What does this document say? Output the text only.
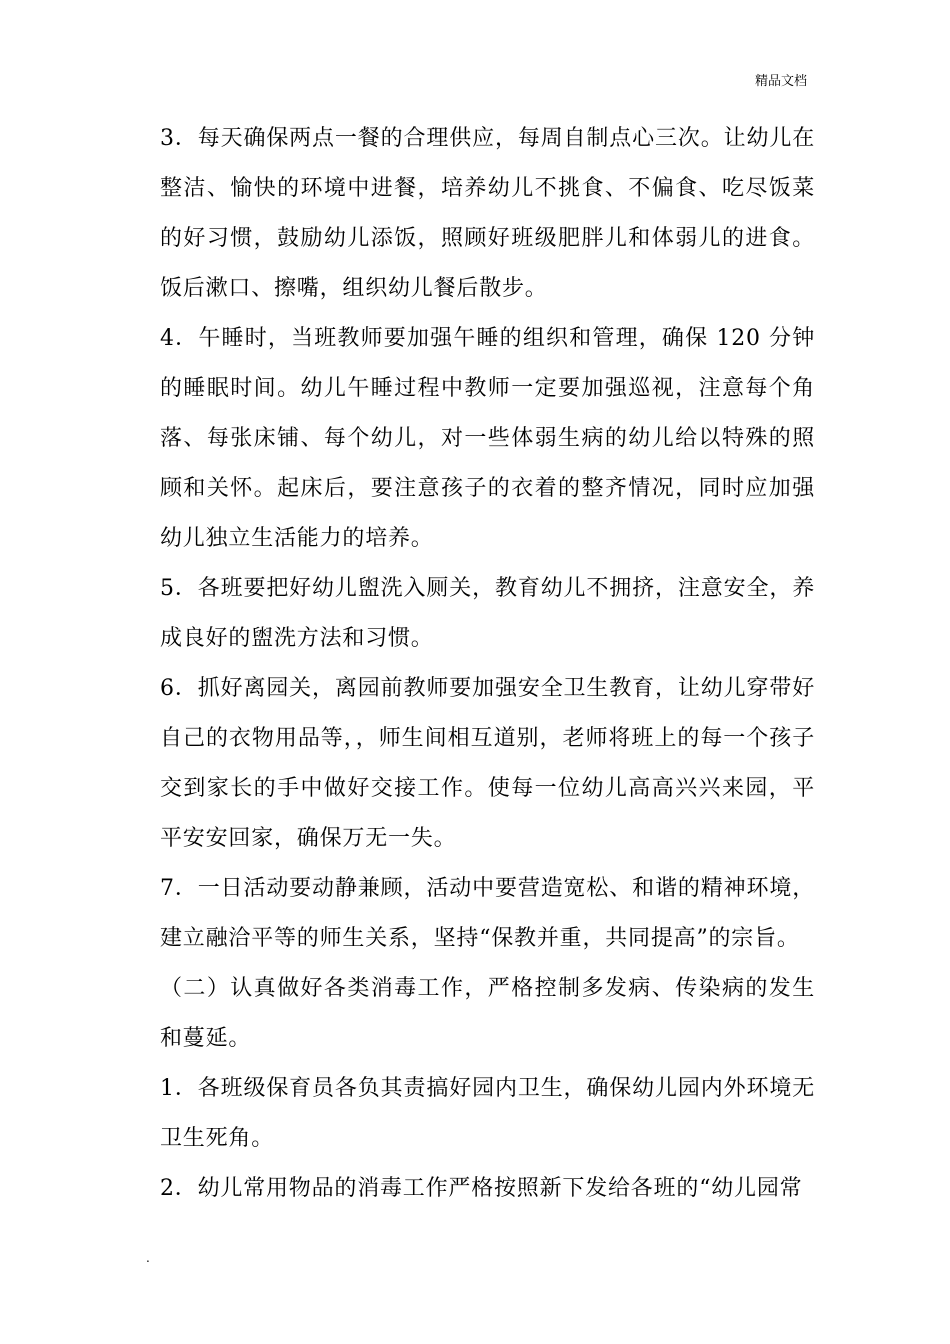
精品文档

3．每天确保两点一餐的合理供应，每周自制点心三次。让幼儿在整洁、愉快的环境中进餐，培养幼儿不挑食、不偏食、吃尽饭菜的好习惯，鼓励幼儿添饭，照顾好班级肥胖儿和体弱儿的进食。饭后漱口、擦嘴，组织幼儿餐后散步。

4．午睡时，当班教师要加强午睡的组织和管理，确保 120 分钟的睡眠时间。幼儿午睡过程中教师一定要加强巡视，注意每个角落、每张床铺、每个幼儿，对一些体弱生病的幼儿给以特殊的照顾和关怀。起床后，要注意孩子的衣着的整齐情况，同时应加强幼儿独立生活能力的培养。

5．各班要把好幼儿盥洗入厕关，教育幼儿不拥挤，注意安全，养成良好的盥洗方法和习惯。

6．抓好离园关，离园前教师要加强安全卫生教育，让幼儿穿带好自己的衣物用品等，，师生间相互道别，老师将班上的每一个孩子交到家长的手中做好交接工作。使每一位幼儿高高兴兴来园，平平安安回家，确保万无一失。

7．一日活动要动静兼顾，活动中要营造宽松、和谐的精神环境，建立融洽平等的师生关系，坚持“保教并重，共同提高”的宗旨。

（二）认真做好各类消毒工作，严格控制多发病、传染病的发生和蔓延。

1．各班级保育员各负其责搞好园内卫生，确保幼儿园内外环境无卫生死角。

2．幼儿常用物品的消毒工作严格按照新下发给各班的“幼儿园常

.
